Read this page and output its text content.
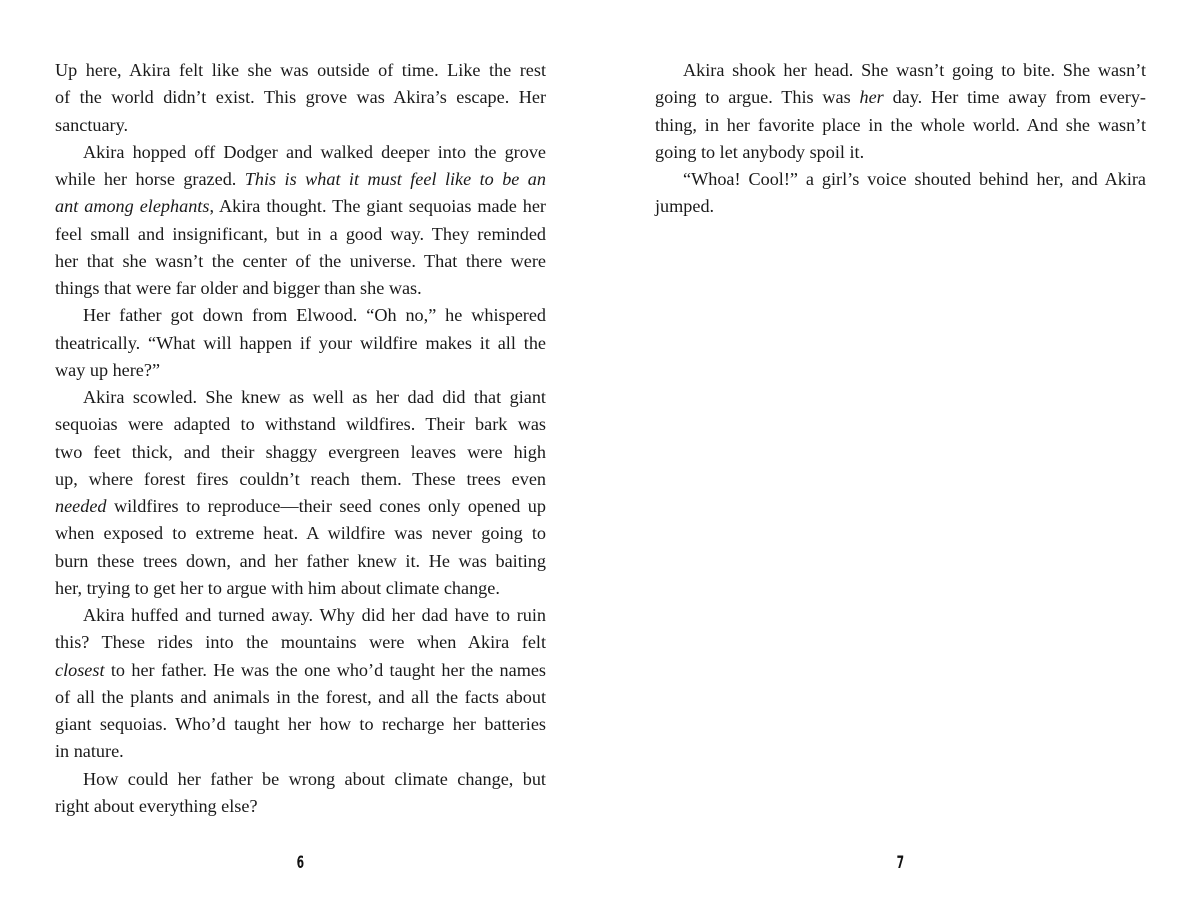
Up here, Akira felt like she was outside of time. Like the rest
of the world didn’t exist. This grove was Akira’s escape. Her
sanctuary.
Akira hopped off Dodger and walked deeper into the grove
while her horse grazed. This is what it must feel like to be an
ant among elephants, Akira thought. The giant sequoias made her
feel small and insignificant, but in a good way. They reminded
her that she wasn’t the center of the universe. That there were
things that were far older and bigger than she was.
Her father got down from Elwood. “Oh no,” he whispered
theatrically. “What will happen if your wildfire makes it all the
way up here?”
Akira scowled. She knew as well as her dad did that giant
sequoias were adapted to withstand wildfires. Their bark was
two feet thick, and their shaggy evergreen leaves were high
up, where forest fires couldn’t reach them. These trees even
needed wildfires to reproduce—their seed cones only opened up
when exposed to extreme heat. A wildfire was never going to
burn these trees down, and her father knew it. He was baiting
her, trying to get her to argue with him about climate change.
Akira huffed and turned away. Why did her dad have to ruin
this? These rides into the mountains were when Akira felt
closest to her father. He was the one who’d taught her the names
of all the plants and animals in the forest, and all the facts about
giant sequoias. Who’d taught her how to recharge her batteries
in nature.
How could her father be wrong about climate change, but
right about everything else?
Akira shook her head. She wasn’t going to bite. She wasn’t
going to argue. This was her day. Her time away from every-
thing, in her favorite place in the whole world. And she wasn’t
going to let anybody spoil it.
“Whoa! Cool!” a girl’s voice shouted behind her, and Akira
jumped.
6	7
